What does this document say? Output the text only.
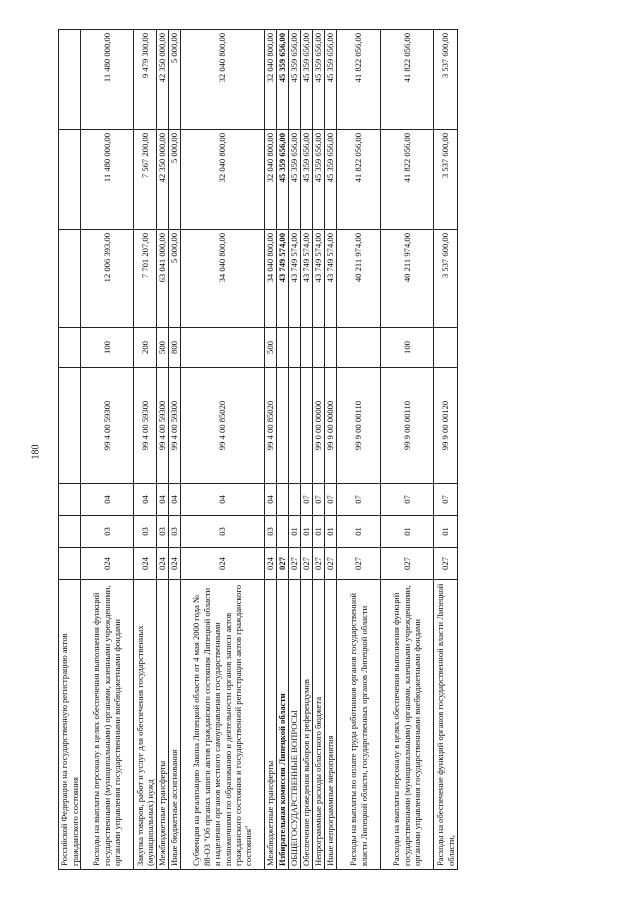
180
Российской Федерации на государственную регистрацию актов гражданского состояния								
Расходы на выплаты персоналу в целях обеспечения выполнения функций государственными (муниципальными) органами, казенными учреждениями, органами управления государственными внебюджетными фондами	024	03	04	99 4 00 59300	100	12 006 393,00	11 480 000,00	11 480 000,00
Закупка товаров, работ и услуг для обеспечения государственных (муниципальных) нужд	024	03	04	99 4 00 59300	200	7 701 207,00	7 567 200,00	9 479 300,00
Межбюджетные трансферты	024	03	04	99 4 00 59300	500	63 041 000,00	42 350 000,00	42 350 000,00
Иные бюджетные ассигнования	024	03	04	99 4 00 59300	800	5 000,00	5 000,00	5 000,00
Субвенция на реализацию Закона Липецкой области от 4 мая 2000 года № 88-ОЗ "Об органах записи актов гражданского состояния Липецкой области и наделении органов местного самоуправления государственными полномочиями по образованию и деятельности органов записи актов гражданского состояния и государственной регистрации актов гражданского состояния"	024	03	04	99 4 00 85020		34 040 800,00	32 040 800,00	32 040 800,00
Межбюджетные трансферты	024	03	04	99 4 00 85020	500	34 040 800,00	32 040 800,00	32 040 800,00
Избирательная комиссия Липецкой области	027					43 749 574,00	45 359 656,00	45 359 656,00
ОБЩЕГОСУДАРСТВЕННЫЕ ВОПРОСЫ	027	01				43 749 574,00	45 359 656,00	45 359 656,00
Обеспечение проведения выборов и референдумов	027	01	07			43 749 574,00	45 359 656,00	45 359 656,00
Непрограммные расходы областного бюджета	027	01	07	99 0 00 00000		43 749 574,00	45 359 656,00	45 359 656,00
Иные непрограммные мероприятия	027	01	07	99 9 00 00000		43 749 574,00	45 359 656,00	45 359 656,00
Расходы на выплаты по оплате труда работников органов государственной власти Липецкой области, государственных органов Липецкой области	027	01	07	99 9 00 00110		40 211 974,00	41 822 056,00	41 822 056,00
Расходы на выплаты персоналу в целях обеспечения выполнения функций государственными (муниципальными) органами, казенными учреждениями, органами управления государственными внебюджетными фондами	027	01	07	99 9 00 00110	100	40 211 974,00	41 822 056,00	41 822 056,00
Расходы на обеспечение функций органов государственной власти Липецкой области,	027	01	07	99 9 00 00120		3 537 600,00	3 537 600,00	3 537 600,00
